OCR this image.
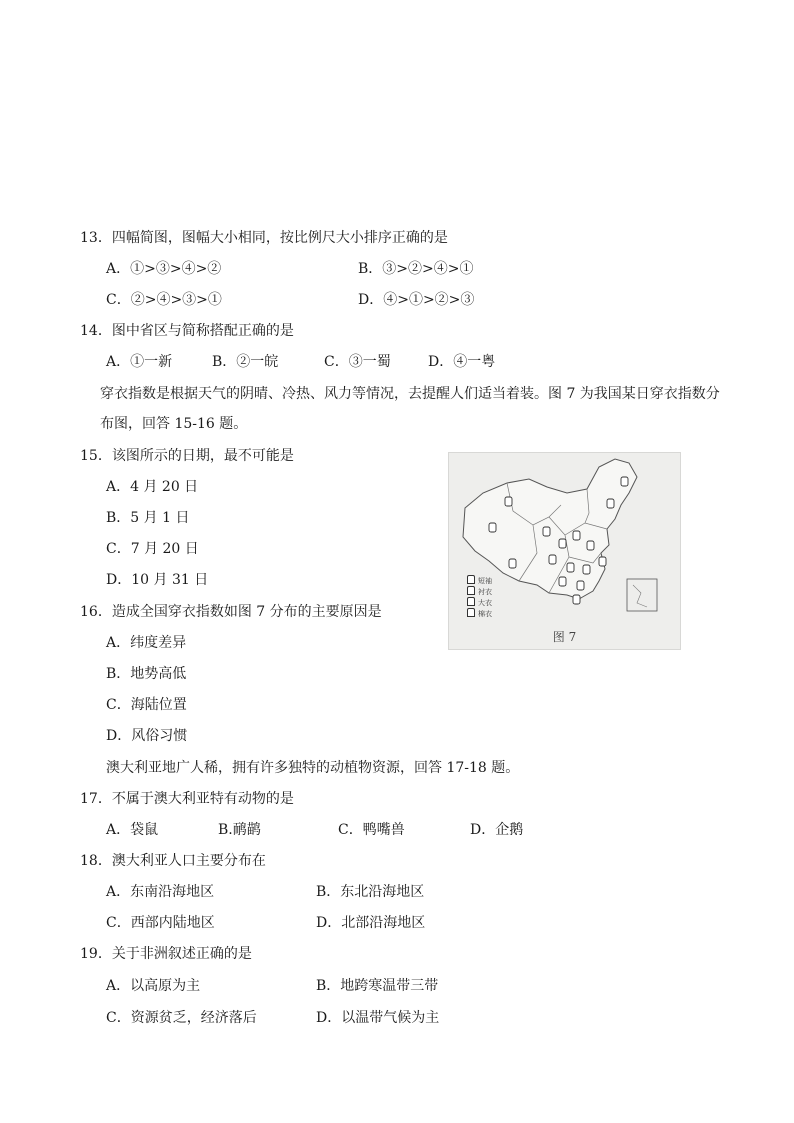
13．四幅简图，图幅大小相同，按比例尺大小排序正确的是
A．①>③>④>②	B．③>②>④>①
C．②>④>③>①	D．④>①>②>③
14．图中省区与简称搭配正确的是
A．①一新	B．②一皖	C．③一蜀	D．④一粤
穿衣指数是根据天气的阴晴、冷热、风力等情况，去提醒人们适当着装。图 7 为我国某日穿衣指数分
布图，回答 15-16 题。
15．该图所示的日期，最不可能是
A．4 月 20 日
B．5 月 1 日
C．7 月 20 日
D．10 月 31 日	短袖
衬衣
大衣
棉衣
图 7
16．造成全国穿衣指数如图 7 分布的主要原因是
A．纬度差异
B．地势高低
C．海陆位置
D．风俗习惯
澳大利亚地广人稀，拥有许多独特的动植物资源，回答 17-18 题。
17．不属于澳大利亚特有动物的是
A．袋鼠	B.鸸鹋	C．鸭嘴兽	D．企鹅
18．澳大利亚人口主要分布在
A．东南沿海地区	B．东北沿海地区
C．西部内陆地区	D．北部沿海地区
19．关于非洲叙述正确的是
A．以高原为主	B．地跨寒温带三带
C．资源贫乏，经济落后	D．以温带气候为主
